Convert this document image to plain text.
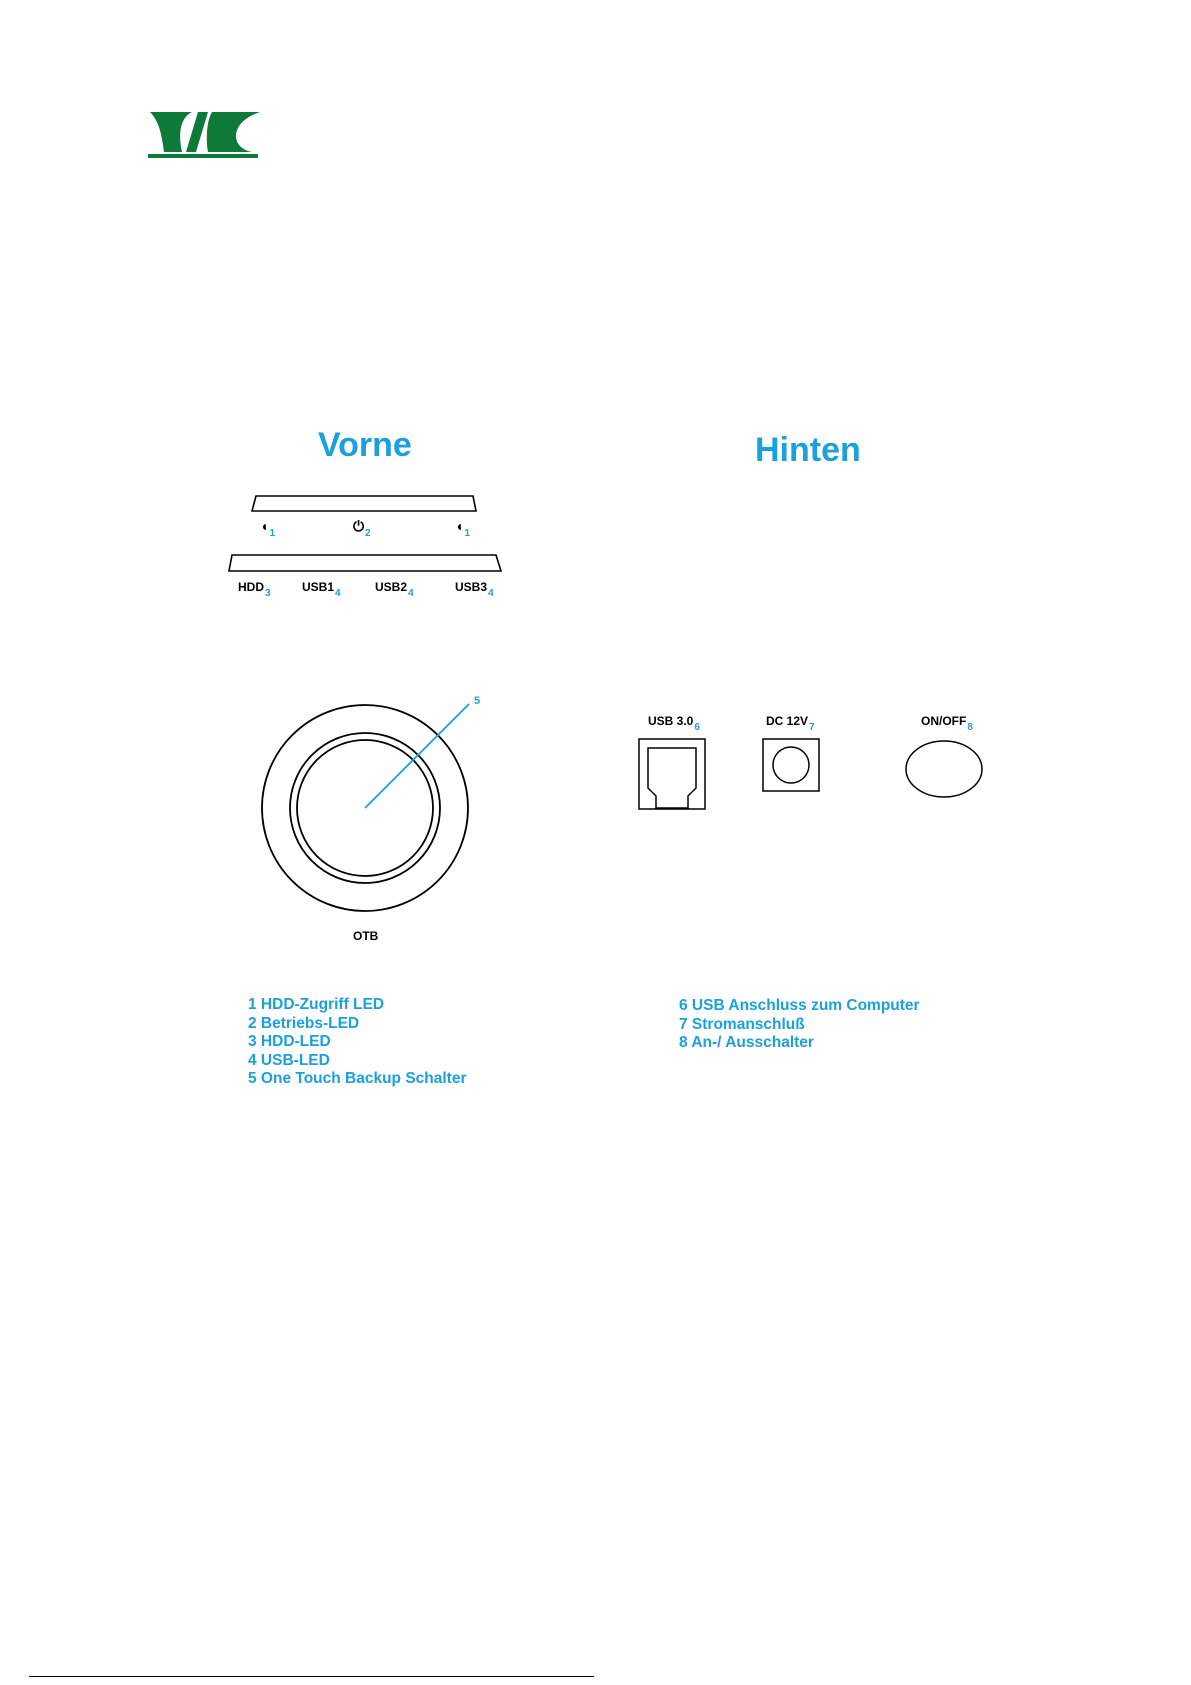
Vorne	Hinten
$◖_1$	$⏻_2$	$◖_1$
$HDD_3$	$USB1_4$	$USB2_4$	$USB3_4$
5
OTB
USB $3.0_6$	DC $12V_7$	$ON/OFF_8$
1 HDD-Zugriff LED
2 Betriebs-LED
3 HDD-LED
4 USB-LED
5 One Touch Backup Schalter
6 USB Anschluss zum Computer
7 Stromanschluß
8 An-/ Ausschalter
